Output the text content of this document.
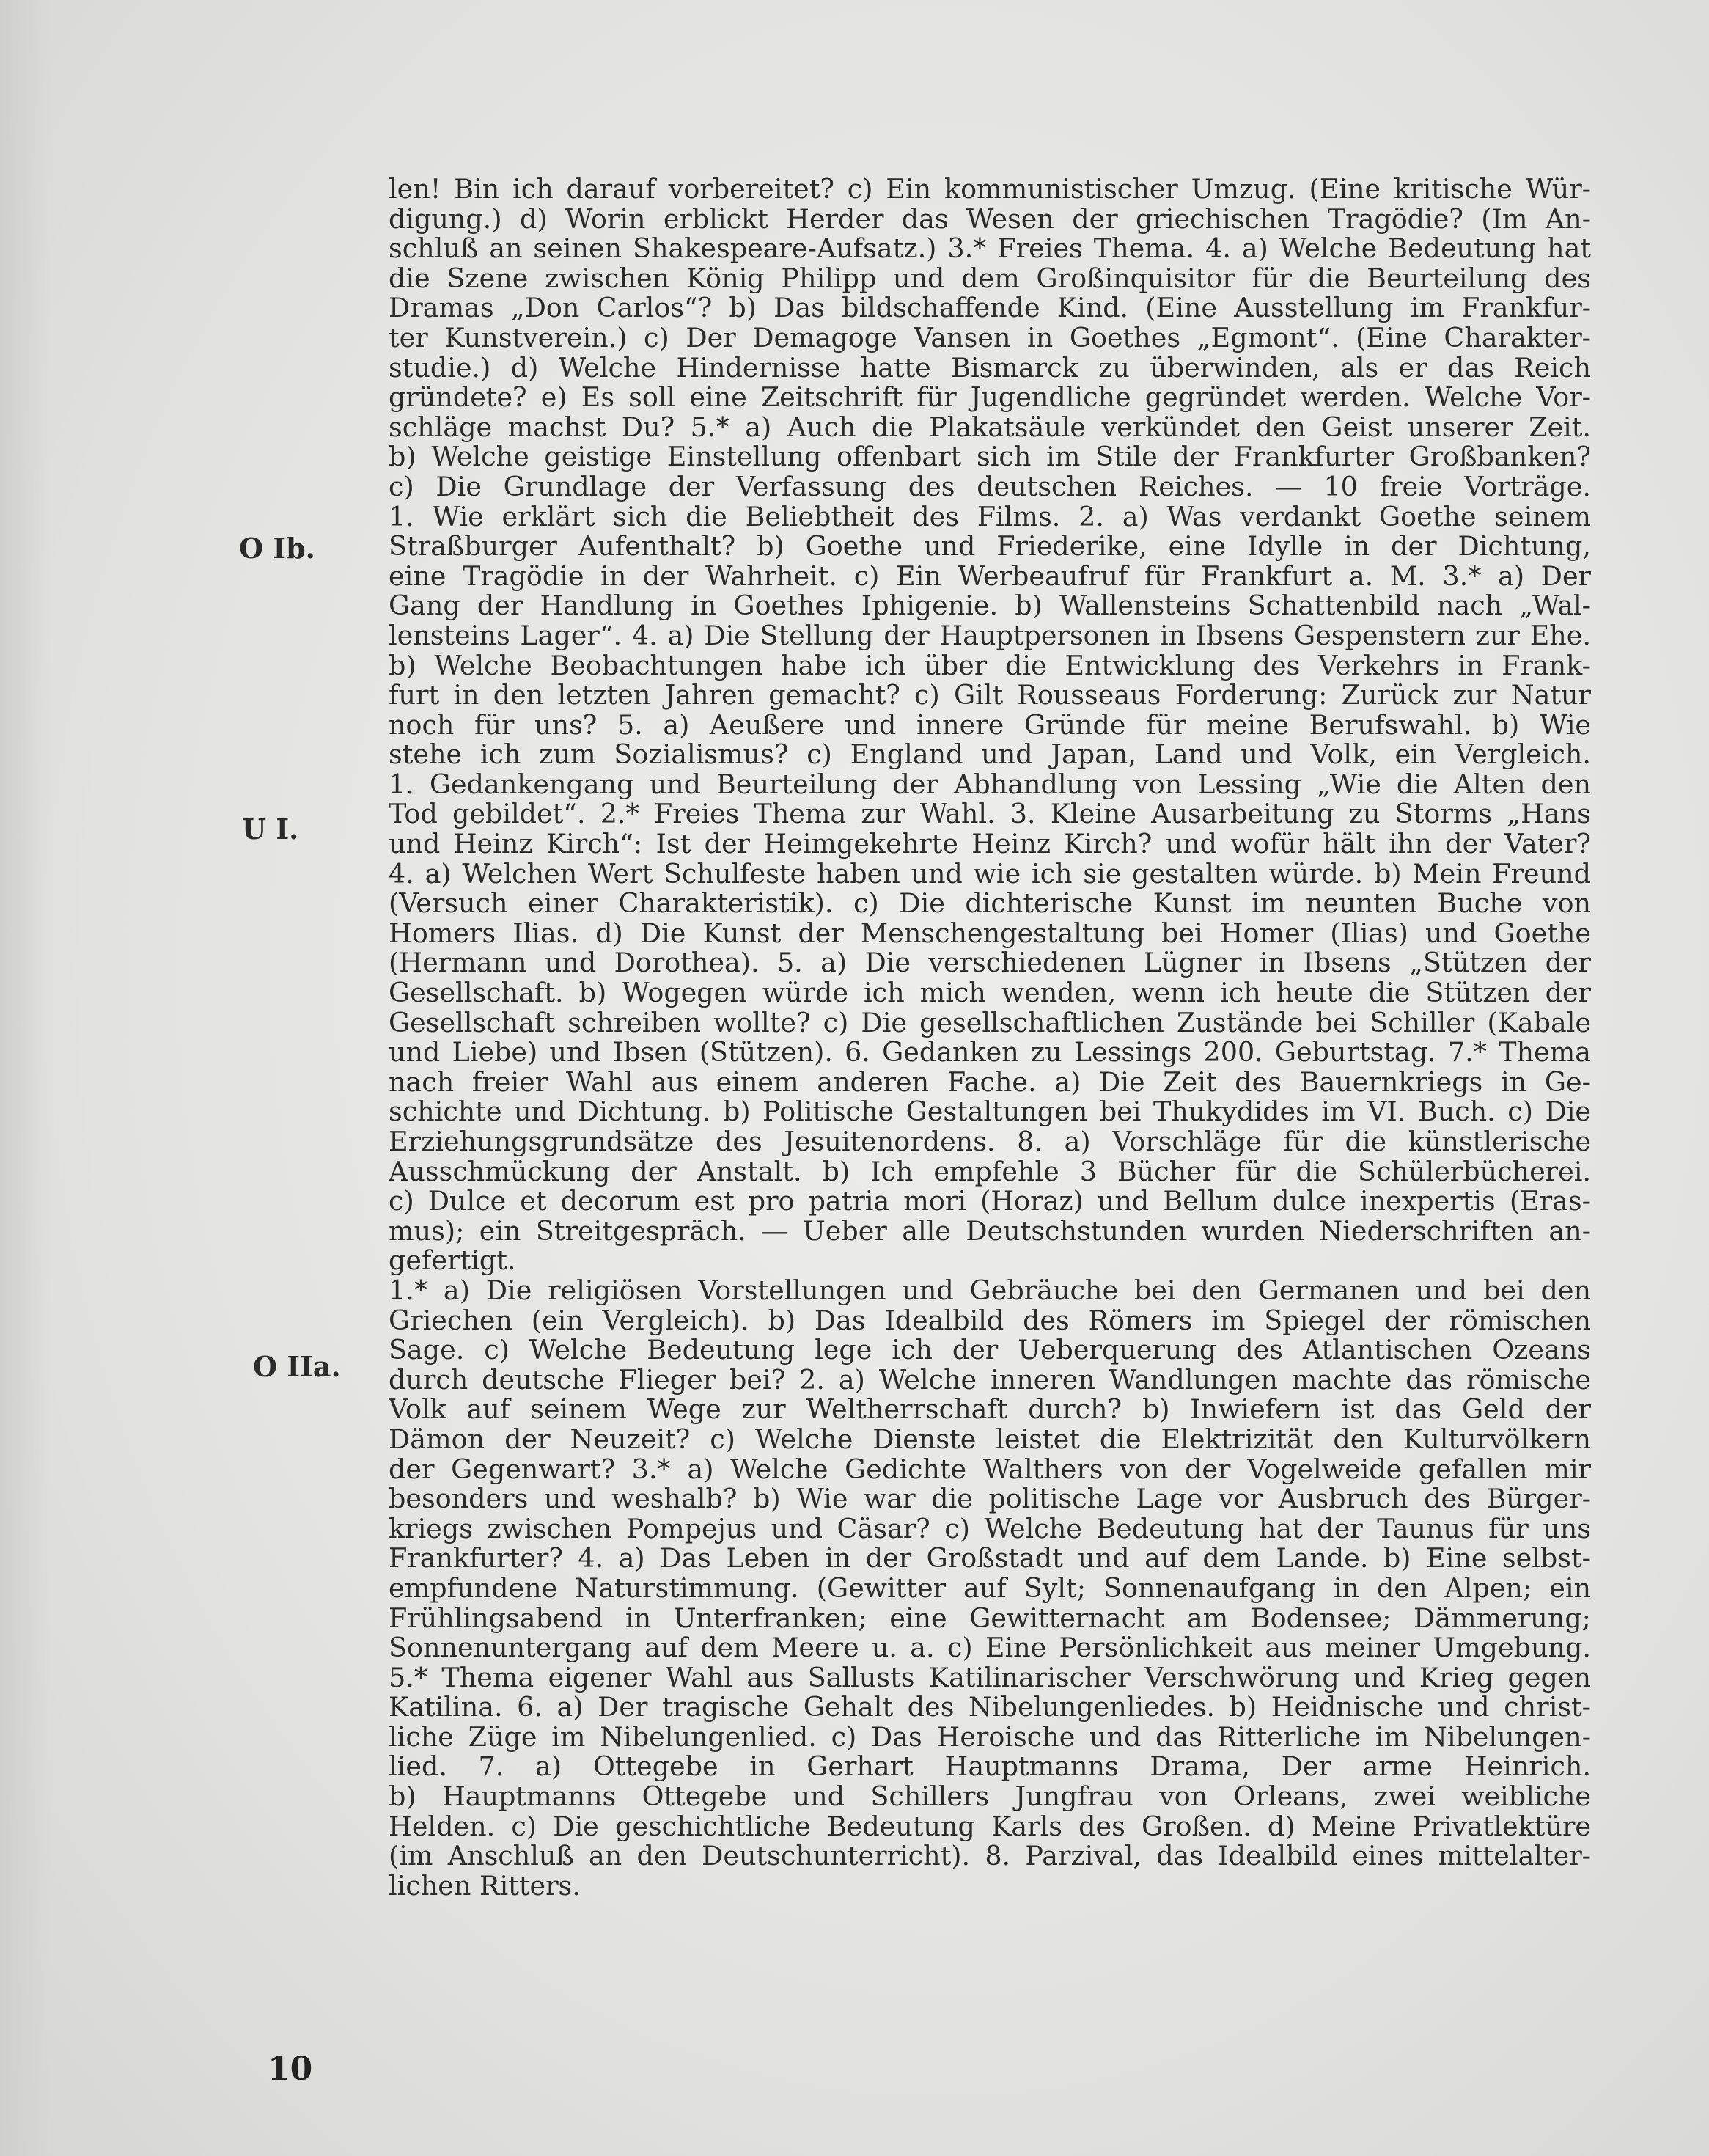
O Ib.
U I.
O IIa.
len! Bin ich darauf vorbereitet? c) Ein kommunistischer Umzug. (Eine kritische Wür-
digung.) d) Worin erblickt Herder das Wesen der griechischen Tragödie? (Im An-
schluß an seinen Shakespeare-Aufsatz.) 3.* Freies Thema. 4. a) Welche Bedeutung hat
die Szene zwischen König Philipp und dem Großinquisitor für die Beurteilung des
Dramas „Don Carlos“? b) Das bildschaffende Kind. (Eine Ausstellung im Frankfur-
ter Kunstverein.) c) Der Demagoge Vansen in Goethes „Egmont“. (Eine Charakter-
studie.) d) Welche Hindernisse hatte Bismarck zu überwinden, als er das Reich
gründete? e) Es soll eine Zeitschrift für Jugendliche gegründet werden. Welche Vor-
schläge machst Du? 5.* a) Auch die Plakatsäule verkündet den Geist unserer Zeit.
b) Welche geistige Einstellung offenbart sich im Stile der Frankfurter Großbanken?
c) Die Grundlage der Verfassung des deutschen Reiches. — 10 freie Vorträge.
1. Wie erklärt sich die Beliebtheit des Films. 2. a) Was verdankt Goethe seinem
Straßburger Aufenthalt? b) Goethe und Friederike, eine Idylle in der Dichtung,
eine Tragödie in der Wahrheit. c) Ein Werbeaufruf für Frankfurt a. M. 3.* a) Der
Gang der Handlung in Goethes Iphigenie. b) Wallensteins Schattenbild nach „Wal-
lensteins Lager“. 4. a) Die Stellung der Hauptpersonen in Ibsens Gespenstern zur Ehe.
b) Welche Beobachtungen habe ich über die Entwicklung des Verkehrs in Frank-
furt in den letzten Jahren gemacht? c) Gilt Rousseaus Forderung: Zurück zur Natur
noch für uns? 5. a) Aeußere und innere Gründe für meine Berufswahl. b) Wie
stehe ich zum Sozialismus? c) England und Japan, Land und Volk, ein Vergleich.
1. Gedankengang und Beurteilung der Abhandlung von Lessing „Wie die Alten den
Tod gebildet“. 2.* Freies Thema zur Wahl. 3. Kleine Ausarbeitung zu Storms „Hans
und Heinz Kirch“: Ist der Heimgekehrte Heinz Kirch? und wofür hält ihn der Vater?
4. a) Welchen Wert Schulfeste haben und wie ich sie gestalten würde. b) Mein Freund
(Versuch einer Charakteristik). c) Die dichterische Kunst im neunten Buche von
Homers Ilias. d) Die Kunst der Menschengestaltung bei Homer (Ilias) und Goethe
(Hermann und Dorothea). 5. a) Die verschiedenen Lügner in Ibsens „Stützen der
Gesellschaft. b) Wogegen würde ich mich wenden, wenn ich heute die Stützen der
Gesellschaft schreiben wollte? c) Die gesellschaftlichen Zustände bei Schiller (Kabale
und Liebe) und Ibsen (Stützen). 6. Gedanken zu Lessings 200. Geburtstag. 7.* Thema
nach freier Wahl aus einem anderen Fache. a) Die Zeit des Bauernkriegs in Ge-
schichte und Dichtung. b) Politische Gestaltungen bei Thukydides im VI. Buch. c) Die
Erziehungsgrundsätze des Jesuitenordens. 8. a) Vorschläge für die künstlerische
Ausschmückung der Anstalt. b) Ich empfehle 3 Bücher für die Schülerbücherei.
c) Dulce et decorum est pro patria mori (Horaz) und Bellum dulce inexpertis (Eras-
mus); ein Streitgespräch. — Ueber alle Deutschstunden wurden Niederschriften an-
gefertigt.
1.* a) Die religiösen Vorstellungen und Gebräuche bei den Germanen und bei den
Griechen (ein Vergleich). b) Das Idealbild des Römers im Spiegel der römischen
Sage. c) Welche Bedeutung lege ich der Ueberquerung des Atlantischen Ozeans
durch deutsche Flieger bei? 2. a) Welche inneren Wandlungen machte das römische
Volk auf seinem Wege zur Weltherrschaft durch? b) Inwiefern ist das Geld der
Dämon der Neuzeit? c) Welche Dienste leistet die Elektrizität den Kulturvölkern
der Gegenwart? 3.* a) Welche Gedichte Walthers von der Vogelweide gefallen mir
besonders und weshalb? b) Wie war die politische Lage vor Ausbruch des Bürger-
kriegs zwischen Pompejus und Cäsar? c) Welche Bedeutung hat der Taunus für uns
Frankfurter? 4. a) Das Leben in der Großstadt und auf dem Lande. b) Eine selbst-
empfundene Naturstimmung. (Gewitter auf Sylt; Sonnenaufgang in den Alpen; ein
Frühlingsabend in Unterfranken; eine Gewitternacht am Bodensee; Dämmerung;
Sonnenuntergang auf dem Meere u. a. c) Eine Persönlichkeit aus meiner Umgebung.
5.* Thema eigener Wahl aus Sallusts Katilinarischer Verschwörung und Krieg gegen
Katilina. 6. a) Der tragische Gehalt des Nibelungenliedes. b) Heidnische und christ-
liche Züge im Nibelungenlied. c) Das Heroische und das Ritterliche im Nibelungen-
lied. 7. a) Ottegebe in Gerhart Hauptmanns Drama, Der arme Heinrich.
b) Hauptmanns Ottegebe und Schillers Jungfrau von Orleans, zwei weibliche
Helden. c) Die geschichtliche Bedeutung Karls des Großen. d) Meine Privatlektüre
(im Anschluß an den Deutschunterricht). 8. Parzival, das Idealbild eines mittelalter-
lichen Ritters.
10
